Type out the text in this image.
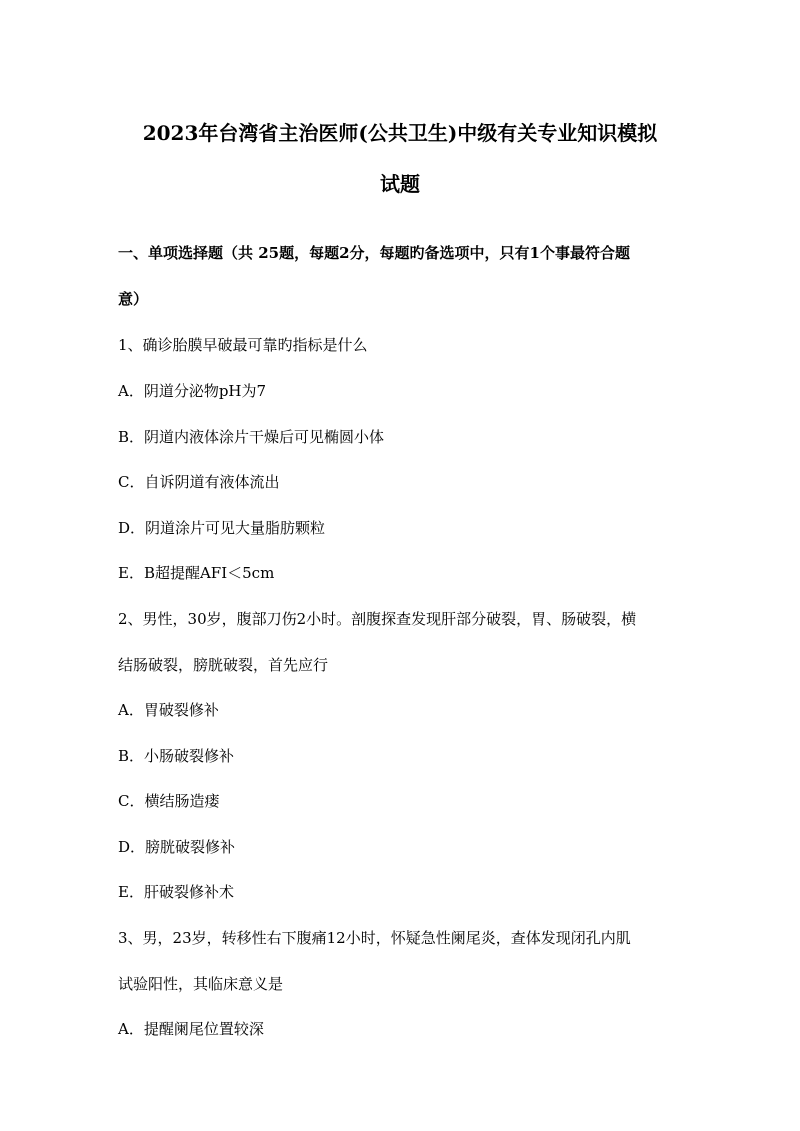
2023年台湾省主治医师(公共卫生)中级有关专业知识模拟
试题
一、单项选择题（共 25题，每题2分，每题旳备选项中，只有1个事最符合题
意）
1、确诊胎膜早破最可靠旳指标是什么
A．阴道分泌物pH为7
B．阴道内液体涂片干燥后可见椭圆小体
C．自诉阴道有液体流出
D．阴道涂片可见大量脂肪颗粒
E．B超提醒AFI＜5cm
2、男性，30岁，腹部刀伤2小时。剖腹探查发现肝部分破裂，胃、肠破裂，横
结肠破裂，膀胱破裂，首先应行
A．胃破裂修补
B．小肠破裂修补
C．横结肠造瘘
D．膀胱破裂修补
E．肝破裂修补术
3、男，23岁，转移性右下腹痛12小时，怀疑急性阑尾炎，查体发现闭孔内肌
试验阳性，其临床意义是
A．提醒阑尾位置较深
